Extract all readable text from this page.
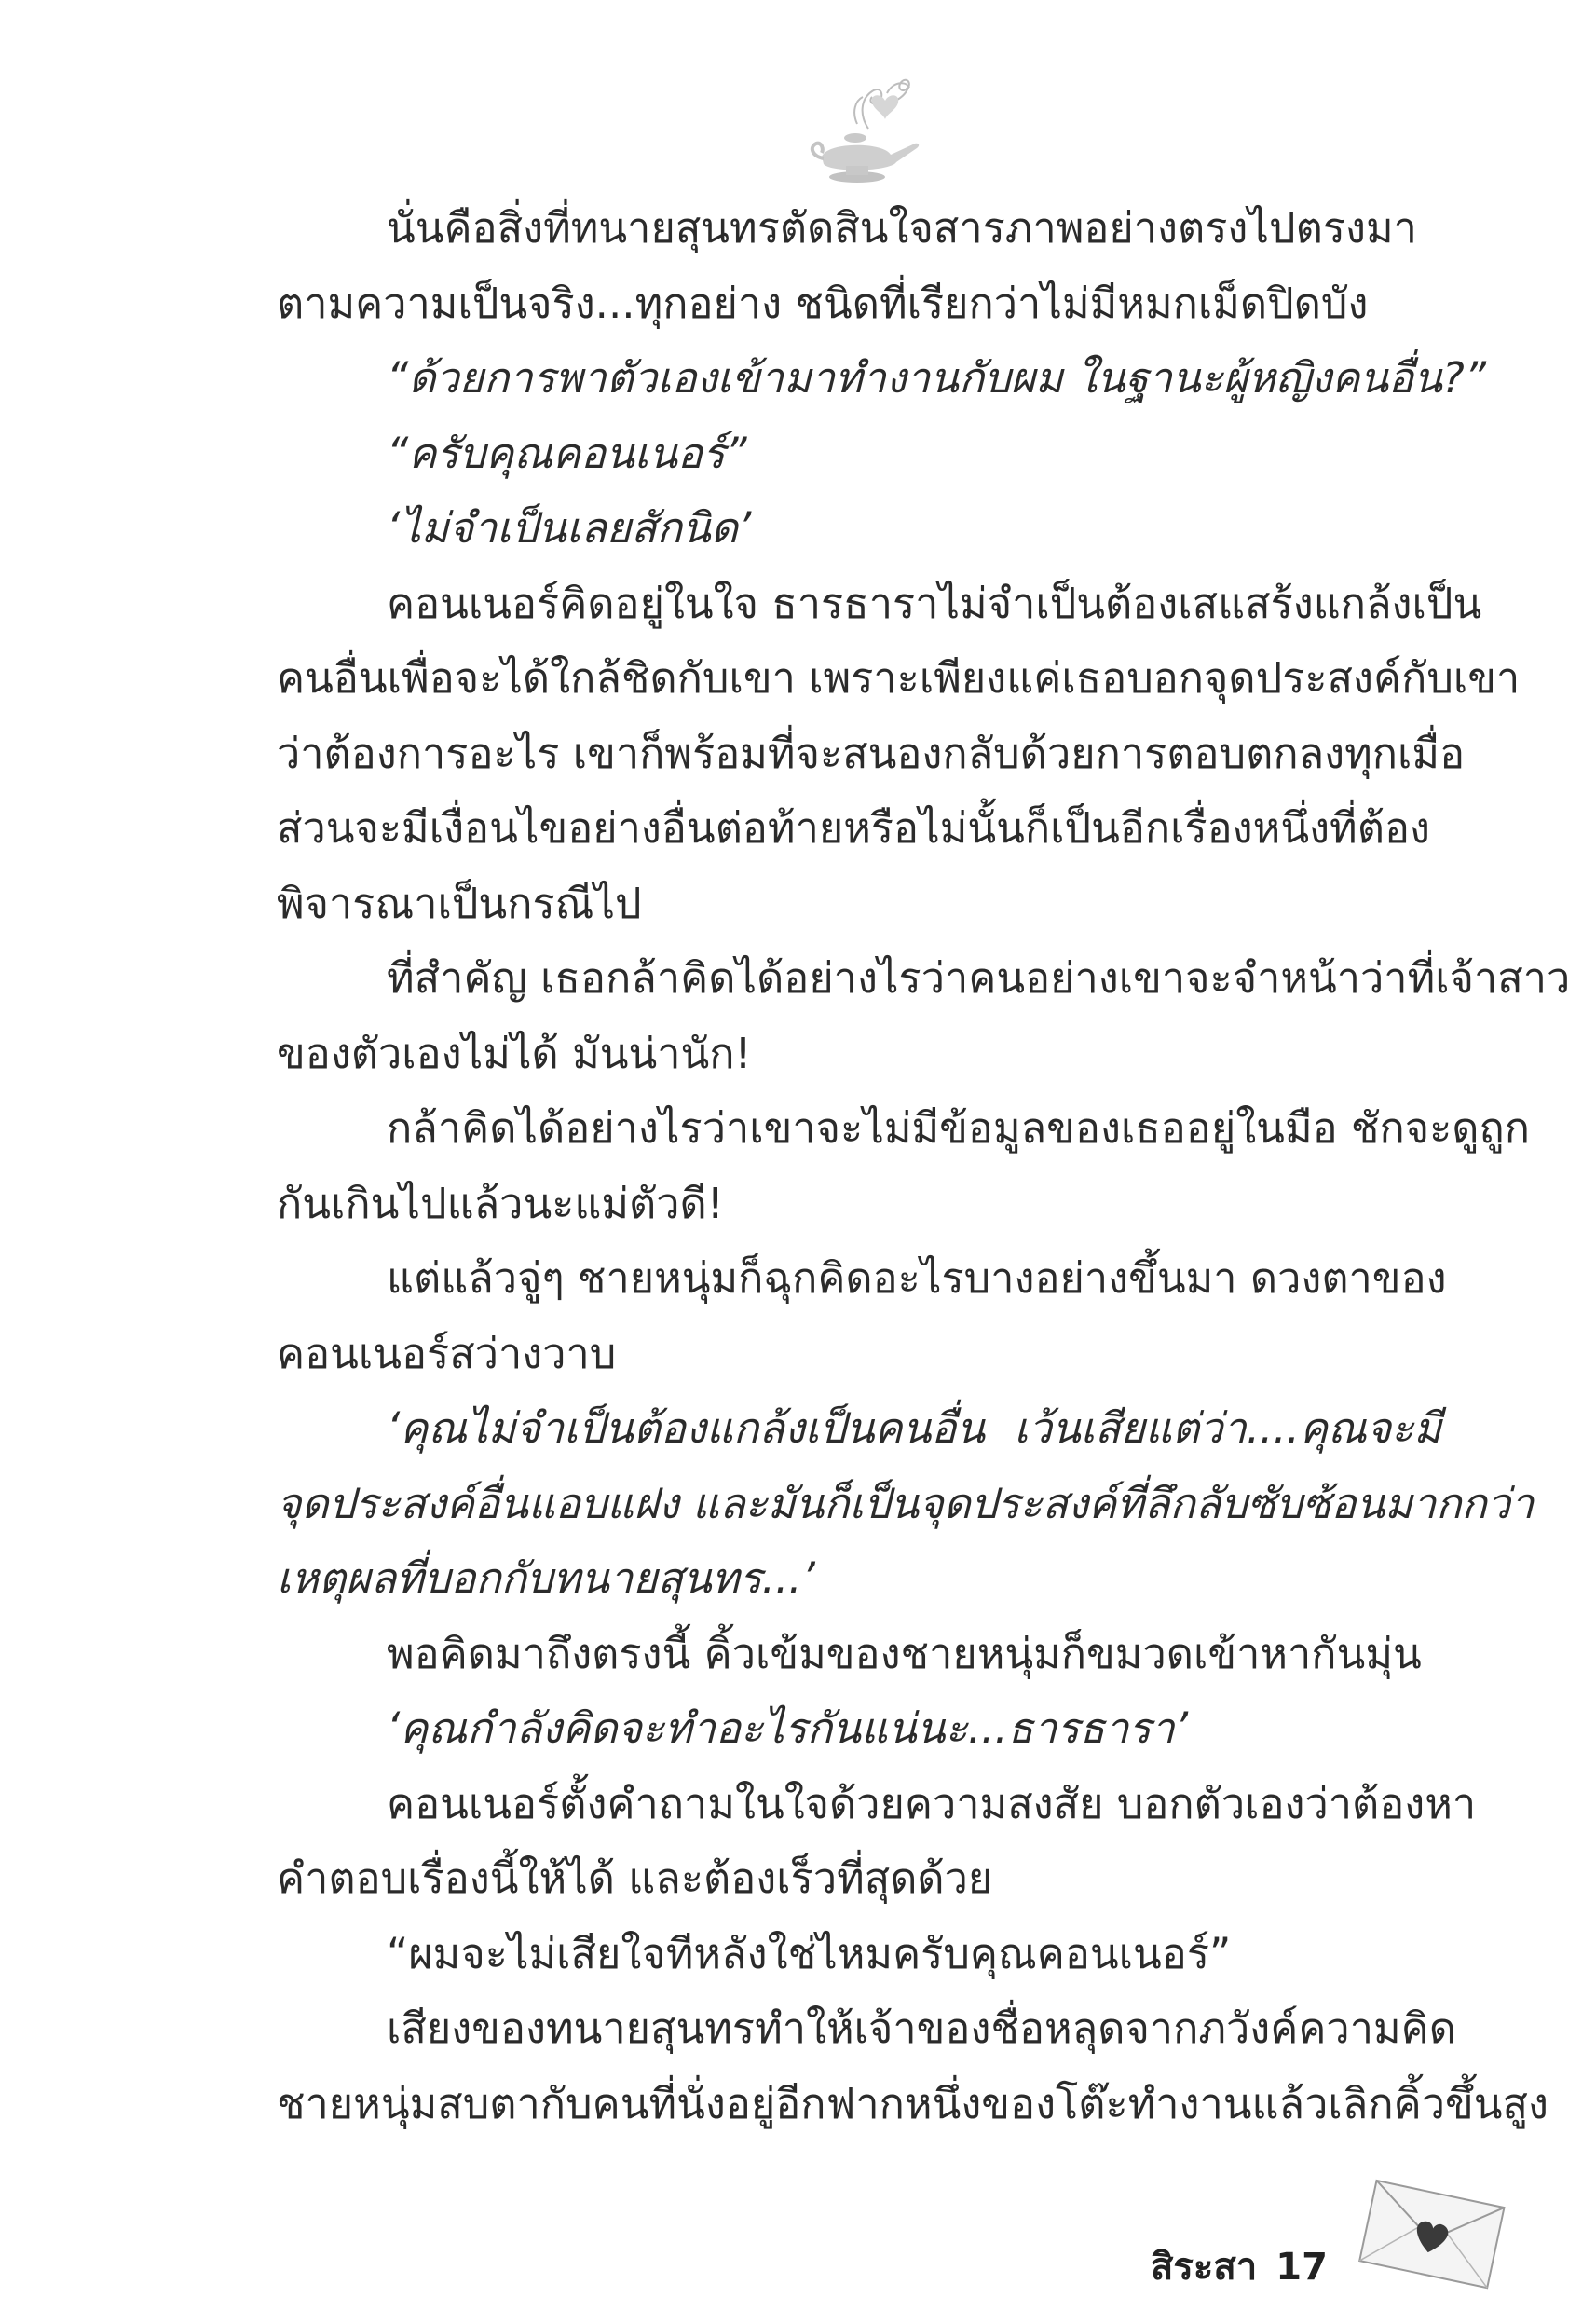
นั่นคือสิ่งที่ทนายสุนทรตัดสินใจสารภาพอย่างตรงไปตรงมา
ตามความเป็นจริง...ทุกอย่าง ชนิดที่เรียกว่าไม่มีหมกเม็ดปิดบัง
“ด้วยการพาตัวเองเข้ามาทำงานกับผม ในฐานะผู้หญิงคนอื่น?”
“ครับคุณคอนเนอร์”
‘ไม่จำเป็นเลยสักนิด’
คอนเนอร์คิดอยู่ในใจ ธารธาราไม่จำเป็นต้องเสแสร้งแกล้งเป็น
คนอื่นเพื่อจะได้ใกล้ชิดกับเขา เพราะเพียงแค่เธอบอกจุดประสงค์กับเขา
ว่าต้องการอะไร เขาก็พร้อมที่จะสนองกลับด้วยการตอบตกลงทุกเมื่อ
ส่วนจะมีเงื่อนไขอย่างอื่นต่อท้ายหรือไม่นั้นก็เป็นอีกเรื่องหนึ่งที่ต้อง
พิจารณาเป็นกรณีไป
ที่สำคัญ เธอกล้าคิดได้อย่างไรว่าคนอย่างเขาจะจำหน้าว่าที่เจ้าสาว
ของตัวเองไม่ได้ มันน่านัก!
กล้าคิดได้อย่างไรว่าเขาจะไม่มีข้อมูลของเธออยู่ในมือ ชักจะดูถูก
กันเกินไปแล้วนะแม่ตัวดี!
แต่แล้วจู่ๆ ชายหนุ่มก็ฉุกคิดอะไรบางอย่างขึ้นมา ดวงตาของ
คอนเนอร์สว่างวาบ
‘คุณไม่จำเป็นต้องแกล้งเป็นคนอื่น เว้นเสียแต่ว่า....คุณจะมี
จุดประสงค์อื่นแอบแฝง และมันก็เป็นจุดประสงค์ที่ลึกลับซับซ้อนมากกว่า
เหตุผลที่บอกกับทนายสุนทร...’
พอคิดมาถึงตรงนี้ คิ้วเข้มของชายหนุ่มก็ขมวดเข้าหากันมุ่น
‘คุณกำลังคิดจะทำอะไรกันแน่นะ...ธารธารา’
คอนเนอร์ตั้งคำถามในใจด้วยความสงสัย บอกตัวเองว่าต้องหา
คำตอบเรื่องนี้ให้ได้ และต้องเร็วที่สุดด้วย
“ผมจะไม่เสียใจทีหลังใช่ไหมครับคุณคอนเนอร์”
เสียงของทนายสุนทรทำให้เจ้าของชื่อหลุดจากภวังค์ความคิด
ชายหนุ่มสบตากับคนที่นั่งอยู่อีกฟากหนึ่งของโต๊ะทำงานแล้วเลิกคิ้วขึ้นสูง
สิระสา 17
